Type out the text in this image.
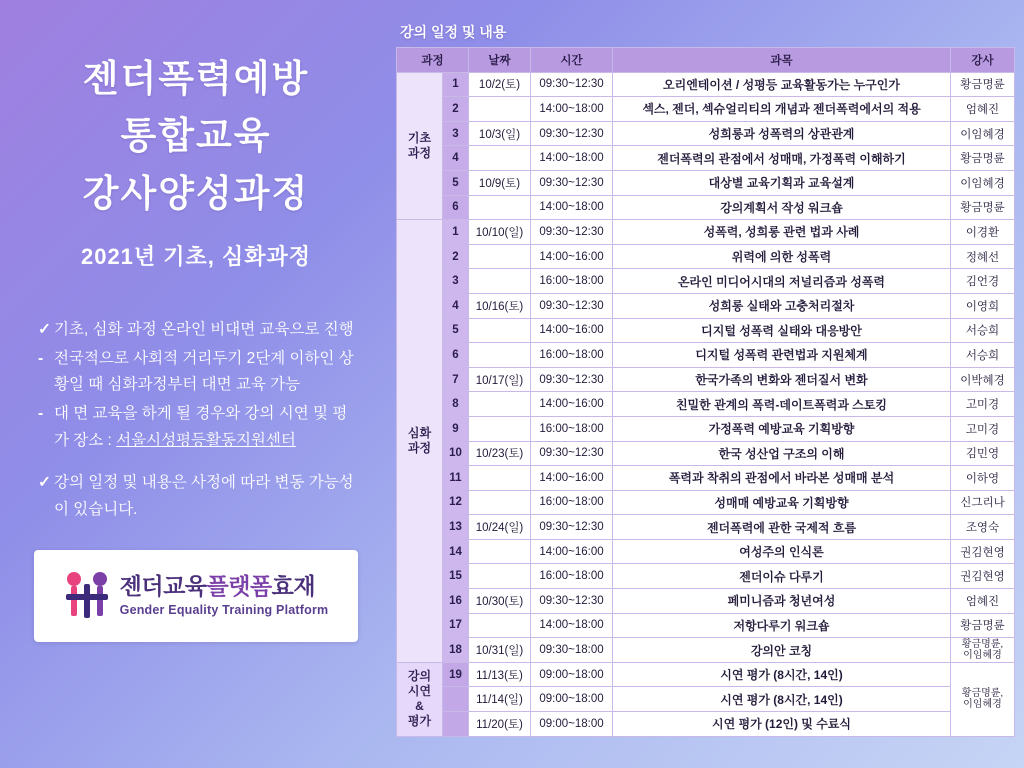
젠더폭력예방
통합교육
강사양성과정
2021년 기초, 심화과정
✓ 기초, 심화 과정 온라인 비대면 교육으로 진행
- 전국적으로 사회적 거리두기 2단계 이하인 상황일 때 심화과정부터 대면 교육 가능
- 대 면 교육을 하게 될 경우와 강의 시연 및 평가 장소 : 서울시성평등활동지원센터
✓ 강의 일정 및 내용은 사정에 따라 변동 가능성이 있습니다.
젠더교육플랫폼효재
Gender Equality Training Platform
강의 일정 및 내용
과정		날짜	시간	과목	강사
기초
과정	1	10/2(토)	09:30~12:30	오리엔테이션 / 성평등 교육활동가는 누구인가	황금명륜
	2		14:00~18:00	섹스, 젠더, 섹슈얼리티의 개념과 젠더폭력에서의 적용	엄혜진
	3	10/3(일)	09:30~12:30	성희롱과 성폭력의 상관관계	이임혜경
	4		14:00~18:00	젠더폭력의 관점에서 성매매, 가정폭력 이해하기	황금명륜
	5	10/9(토)	09:30~12:30	대상별 교육기획과 교육설계	이임혜경
	6		14:00~18:00	강의계획서 작성 워크숍	황금명륜
심화
과정	1	10/10(일)	09:30~12:30	성폭력, 성희롱 관련 법과 사례	이경환
	2		14:00~16:00	위력에 의한 성폭력	정혜선
	3		16:00~18:00	온라인 미디어시대의 저널리즘과 성폭력	김언경
	4	10/16(토)	09:30~12:30	성희롱 실태와 고충처리절차	이영희
	5		14:00~16:00	디지털 성폭력 실태와 대응방안	서승희
	6		16:00~18:00	디지털 성폭력 관련법과 지원체계	서승희
	7	10/17(일)	09:30~12:30	한국가족의 변화와 젠더질서 변화	이박혜경
	8		14:00~16:00	친밀한 관계의 폭력-데이트폭력과 스토킹	고미경
	9		16:00~18:00	가정폭력 예방교육 기획방향	고미경
	10	10/23(토)	09:30~12:30	한국 성산업 구조의 이해	김민영
	11		14:00~16:00	폭력과 착취의 관점에서 바라본 성매매 분석	이하영
	12		16:00~18:00	성매매 예방교육 기획방향	신그리나
	13	10/24(일)	09:30~12:30	젠더폭력에 관한 국제적 흐름	조영숙
	14		14:00~16:00	여성주의 인식론	권김현영
	15		16:00~18:00	젠더이슈 다루기	권김현영
	16	10/30(토)	09:30~12:30	페미니즘과 청년여성	엄혜진
	17		14:00~18:00	저항다루기 워크숍	황금명륜
	18	10/31(일)	09:30~18:00	강의안 코칭	황금명륜,
이임혜경
강의
시연
&
평가	19	11/13(토)	09:00~18:00	시연 평가 (8시간, 14인)	황금명륜,
이임혜경
		11/14(일)	09:00~18:00	시연 평가 (8시간, 14인)	
		11/20(토)	09:00~18:00	시연 평가 (12인) 및 수료식	
